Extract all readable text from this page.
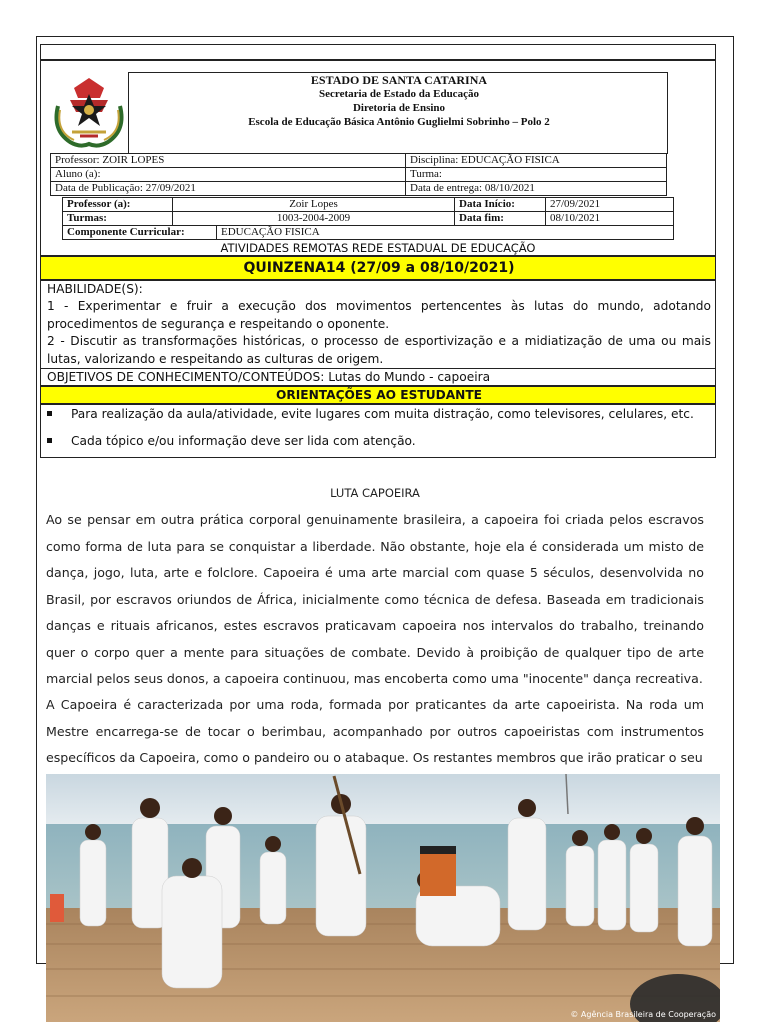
ESTADO DE SANTA CATARINA
Secretaria de Estado da Educação
Diretoria de Ensino
Escola de Educação Básica Antônio Guglielmi Sobrinho – Polo 2
Professor: ZOIR LOPES	Disciplina: EDUCAÇÃO FISICA
Aluno (a):	Turma:
Data de Publicação: 27/09/2021	Data de entrega: 08/10/2021
Professor (a):	Zoir Lopes	Data Início:	27/09/2021
Turmas:	1003-2004-2009	Data fim:	08/10/2021
Componente Curricular:	EDUCAÇÃO FISICA
ATIVIDADES REMOTAS REDE ESTADUAL DE EDUCAÇÃO
QUINZENA14 (27/09 a 08/10/2021)
HABILIDADE(S):
1 - Experimentar e fruir a execução dos movimentos pertencentes às lutas do mundo, adotando procedimentos de segurança e respeitando o oponente.
2 - Discutir as transformações históricas, o processo de esportivização e a midiatização de uma ou mais lutas, valorizando e respeitando as culturas de origem.
OBJETIVOS DE CONHECIMENTO/CONTEÚDOS: Lutas do Mundo - capoeira
ORIENTAÇÕES AO ESTUDANTE
Para realização da aula/atividade, evite lugares com muita distração, como televisores, celulares, etc.
Cada tópico e/ou informação deve ser lida com atenção.
LUTA CAPOEIRA
Ao se pensar em outra prática corporal genuinamente brasileira, a capoeira foi criada pelos escravos como forma de luta para se conquistar a liberdade. Não obstante, hoje ela é considerada um misto de dança, jogo, luta, arte e folclore. Capoeira é uma arte marcial com quase 5 séculos, desenvolvida no Brasil, por escravos oriundos de África, inicialmente como técnica de defesa. Baseada em tradicionais danças e rituais africanos, estes escravos praticavam capoeira nos intervalos do trabalho, treinando quer o corpo quer a mente para situações de combate. Devido à proibição de qualquer tipo de arte marcial pelos seus donos, a capoeira continuou, mas encoberta como uma "inocente" dança recreativa.
A Capoeira é caracterizada por uma roda, formada por praticantes da arte capoeirista. Na roda um Mestre encarrega-se de tocar o berimbau, acompanhado por outros capoeiristas com instrumentos específicos da Capoeira, como o pandeiro ou o atabaque. Os restantes membros que irão praticar o seu
© Agência Brasileira de Cooperação
